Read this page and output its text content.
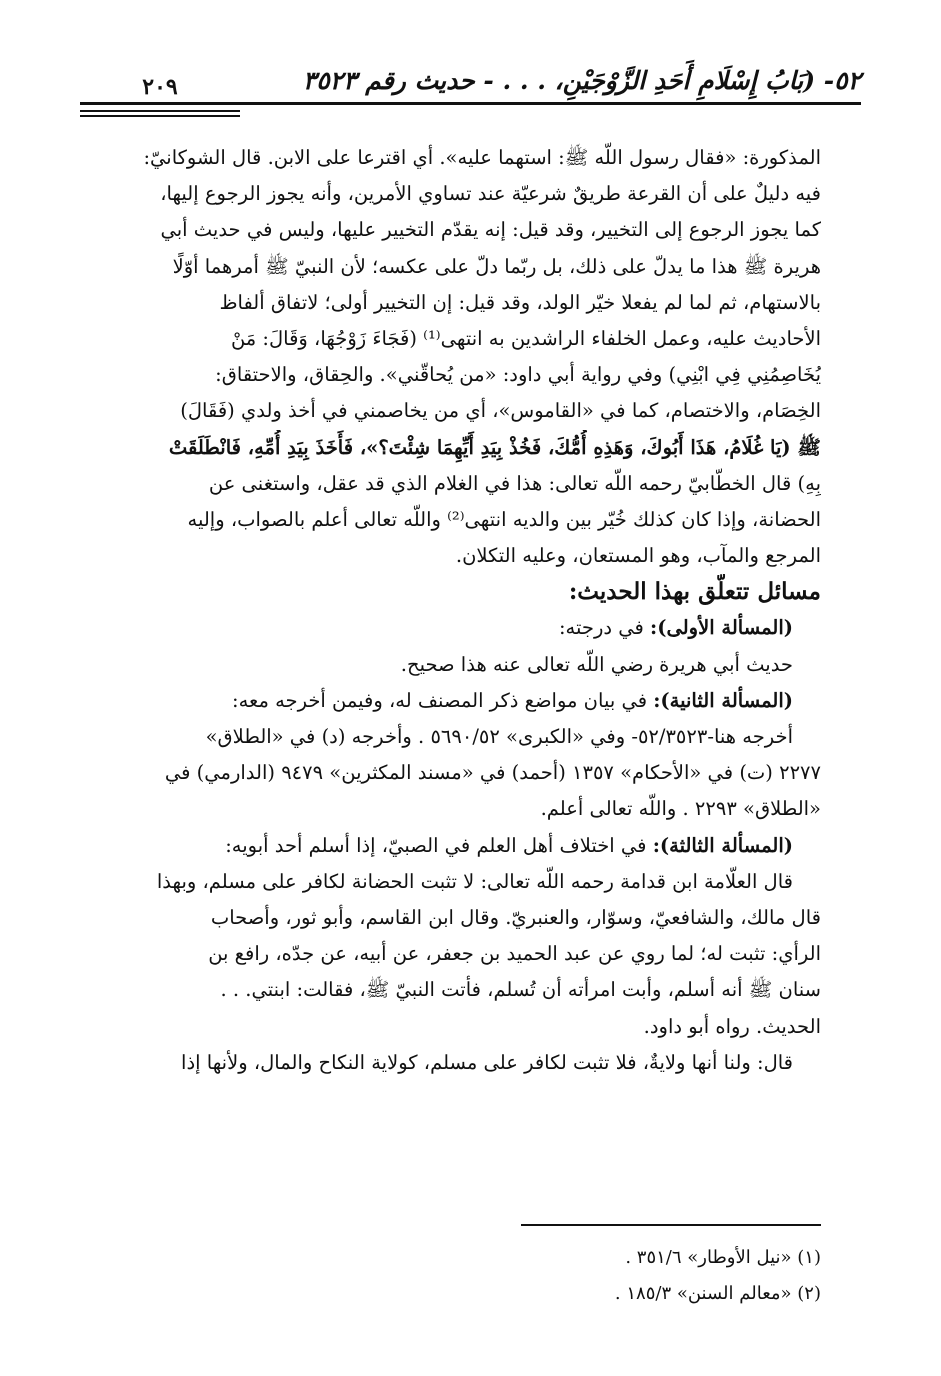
٥٢- (بَابُ إِسْلَامِ أَحَدِ الزَّوْجَيْنِ، . . . - حديث رقم ٣٥٢٣
٢٠٩
المذكورة: «فقال رسول اللّه ﷺ: استهما عليه». أي اقترعا على الابن. قال الشوكانيّ:
فيه دليلٌ على أن القرعة طريقٌ شرعيّة عند تساوي الأمرين، وأنه يجوز الرجوع إليها،
كما يجوز الرجوع إلى التخيير، وقد قيل: إنه يقدّم التخيير عليها، وليس في حديث أبي
هريرة ﷺ هذا ما يدلّ على ذلك، بل ربّما دلّ على عكسه؛ لأن النبيّ ﷺ أمرهما أوّلًا
بالاستهام، ثم لما لم يفعلا خيّر الولد، وقد قيل: إن التخيير أولى؛ لاتفاق ألفاظ
الأحاديث عليه، وعمل الخلفاء الراشدين به انتهى⁽¹⁾ (فَجَاءَ زَوْجُهَا، وَقَالَ: مَنْ
يُخَاصِمُنِي فِي ابْنِي) وفي رواية أبي داود: «من يُحاقّني». والحِقاق، والاحتقاق:
الخِصَام، والاختصام، كما في «القاموس»، أي من يخاصمني في أخذ ولدي (فَقَالَ)
ﷺ (يَا غُلَامُ، هَذَا أَبُوكَ، وَهَذِهِ أُمُّكَ، فَخُذْ بِيَدِ أَيِّهِمَا شِئْتَ؟»، فَأَخَذَ بِيَدِ أُمِّهِ، فَانْطَلَقَتْ
بِهِ) قال الخطّابيّ رحمه اللّه تعالى: هذا في الغلام الذي قد عقل، واستغنى عن
الحضانة، وإذا كان كذلك خُيّر بين والديه انتهى⁽²⁾ واللّه تعالى أعلم بالصواب، وإليه
المرجع والمآب، وهو المستعان، وعليه التكلان.
مسائل تتعلّق بهذا الحديث:
(المسألة الأولى): في درجته:
حديث أبي هريرة رضي اللّه تعالى عنه هذا صحيح.
(المسألة الثانية): في بيان مواضع ذكر المصنف له، وفيمن أخرجه معه:
أخرجه هنا-٥٢/٣٥٢٣- وفي «الكبرى» ٥٦٩٠/٥٢ . وأخرجه (د) في «الطلاق»
٢٢٧٧ (ت) في «الأحكام» ١٣٥٧ (أحمد) في «مسند المكثرين» ٩٤٧٩ (الدارمي) في
«الطلاق» ٢٢٩٣ . واللّه تعالى أعلم.
(المسألة الثالثة): في اختلاف أهل العلم في الصبيّ، إذا أسلم أحد أبويه:
قال العلّامة ابن قدامة رحمه اللّه تعالى: لا تثبت الحضانة لكافر على مسلم، وبهذا
قال مالك، والشافعيّ، وسوّار، والعنبريّ. وقال ابن القاسم، وأبو ثور، وأصحاب
الرأي: تثبت له؛ لما روي عن عبد الحميد بن جعفر، عن أبيه، عن جدّه، رافع بن
سنان ﷺ أنه أسلم، وأبت امرأته أن تُسلم، فأتت النبيّ ﷺ، فقالت: ابنتي. . .
الحديث. رواه أبو داود.
قال: ولنا أنها ولايةٌ، فلا تثبت لكافر على مسلم، كولاية النكاح والمال، ولأنها إذا
(١) «نيل الأوطار» ٣٥١/٦ .
(٢) «معالم السنن» ١٨٥/٣ .
